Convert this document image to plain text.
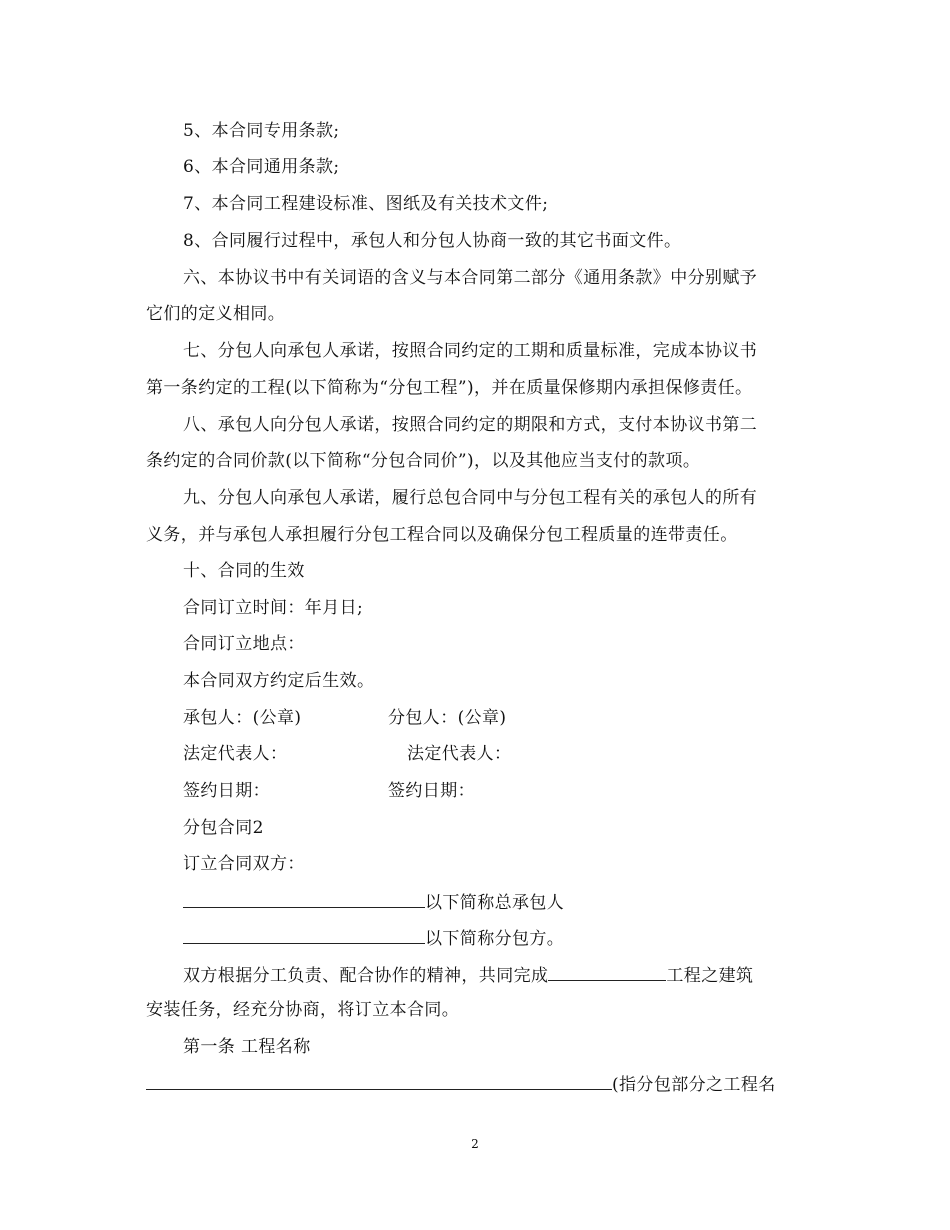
5、本合同专用条款;
6、本合同通用条款;
7、本合同工程建设标准、图纸及有关技术文件;
8、合同履行过程中，承包人和分包人协商一致的其它书面文件。
六、本协议书中有关词语的含义与本合同第二部分《通用条款》中分别赋予
它们的定义相同。
七、分包人向承包人承诺，按照合同约定的工期和质量标准，完成本协议书
第一条约定的工程(以下简称为“分包工程”)，并在质量保修期内承担保修责任。
八、承包人向分包人承诺，按照合同约定的期限和方式，支付本协议书第二
条约定的合同价款(以下简称“分包合同价”)，以及其他应当支付的款项。
九、分包人向承包人承诺，履行总包合同中与分包工程有关的承包人的所有
义务，并与承包人承担履行分包工程合同以及确保分包工程质量的连带责任。
十、合同的生效
合同订立时间：年月日;
合同订立地点：
本合同双方约定后生效。
承包人：(公章)	分包人：(公章)
法定代表人：	法定代表人：
签约日期：	签约日期：
分包合同2
订立合同双方：
以下简称总承包人
以下简称分包方。
双方根据分工负责、配合协作的精神，共同完成	工程之建筑
安装任务，经充分协商，将订立本合同。
第一条 工程名称
(指分包部分之工程名
2
